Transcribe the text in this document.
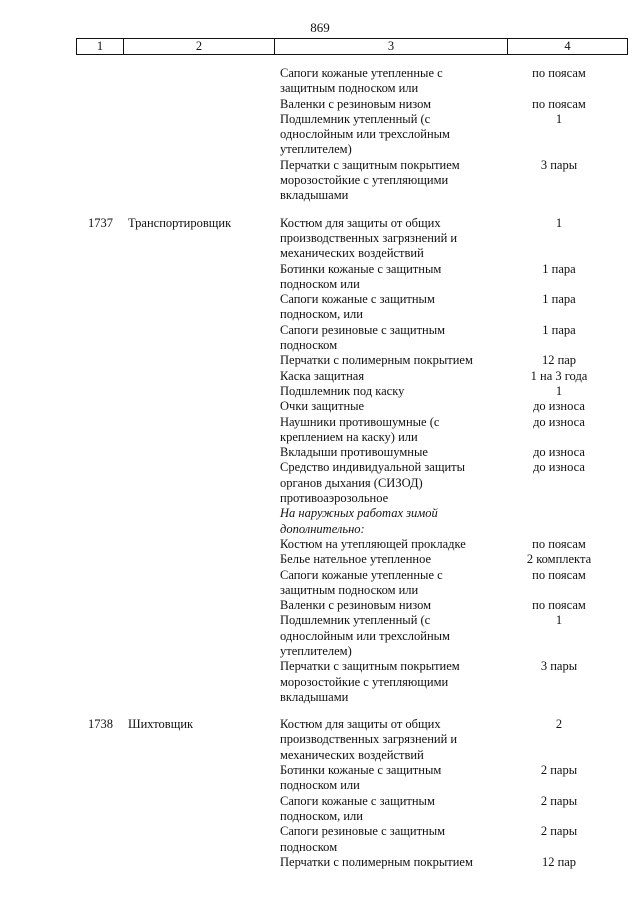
869
1	2	3	4
Сапоги кожаные утепленные с	по поясам
защитным подноском или
Валенки с резиновым низом	по поясам
Подшлемник утепленный (с	1
однослойным или трехслойным
утеплителем)
Перчатки с защитным покрытием	3 пары
морозостойкие с утепляющими
вкладышами
1737 Транспортировщик	Костюм для защиты от общих	1
производственных загрязнений и
механических воздействий
Ботинки кожаные с защитным	1 пара
подноском или
Сапоги кожаные с защитным	1 пара
подноском, или
Сапоги резиновые с защитным	1 пара
подноском
Перчатки с полимерным покрытием	12 пар
Каска защитная	1 на 3 года
Подшлемник под каску	1
Очки защитные	до износа
Наушники противошумные (с	до износа
креплением на каску) или
Вкладыши противошумные	до износа
Средство индивидуальной защиты	до износа
органов дыхания (СИЗОД)
противоаэрозольное
На наружных работах зимой
дополнительно:
Костюм на утепляющей прокладке	по поясам
Белье нательное утепленное	2 комплекта
Сапоги кожаные утепленные с	по поясам
защитным подноском или
Валенки с резиновым низом	по поясам
Подшлемник утепленный (с	1
однослойным или трехслойным
утеплителем)
Перчатки с защитным покрытием	3 пары
морозостойкие с утепляющими
вкладышами
1738 Шихтовщик	Костюм для защиты от общих	2
производственных загрязнений и
механических воздействий
Ботинки кожаные с защитным	2 пары
подноском или
Сапоги кожаные с защитным	2 пары
подноском, или
Сапоги резиновые с защитным	2 пары
подноском
Перчатки с полимерным покрытием	12 пар
